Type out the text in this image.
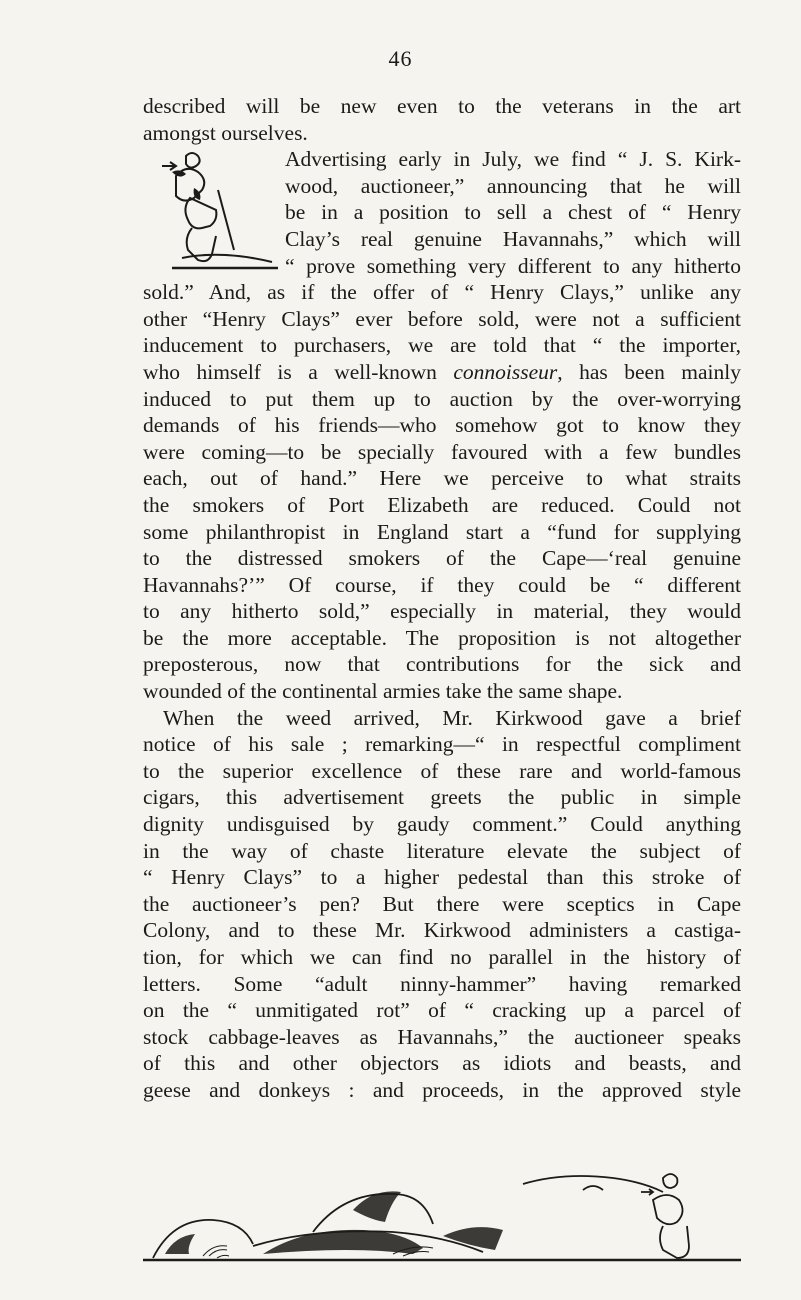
46
described will be new even to the veterans in the art
amongst ourselves.
Advertising early in July, we find “ J. S. Kirk-
wood, auctioneer,” announcing that he will
be in a position to sell a chest of “ Henry
Clay’s real genuine Havannahs,” which will
“ prove something very different to any hitherto
sold.” And, as if the offer of “ Henry Clays,” unlike any
other “Henry Clays” ever before sold, were not a sufficient
inducement to purchasers, we are told that “ the importer,
who himself is a well-known connoisseur, has been mainly
induced to put them up to auction by the over-worrying
demands of his friends—who somehow got to know they
were coming—to be specially favoured with a few bundles
each, out of hand.” Here we perceive to what straits
the smokers of Port Elizabeth are reduced. Could not
some philanthropist in England start a “fund for supplying
to the distressed smokers of the Cape—‘real genuine
Havannahs?’” Of course, if they could be “ different
to any hitherto sold,” especially in material, they would
be the more acceptable. The proposition is not altogether
preposterous, now that contributions for the sick and
wounded of the continental armies take the same shape.
When the weed arrived, Mr. Kirkwood gave a brief
notice of his sale ; remarking—“ in respectful compliment
to the superior excellence of these rare and world-famous
cigars, this advertisement greets the public in simple
dignity undisguised by gaudy comment.” Could anything
in the way of chaste literature elevate the subject of
“ Henry Clays” to a higher pedestal than this stroke of
the auctioneer’s pen? But there were sceptics in Cape
Colony, and to these Mr. Kirkwood administers a castiga-
tion, for which we can find no parallel in the history of
letters. Some “adult ninny-hammer” having remarked
on the “ unmitigated rot” of “ cracking up a parcel of
stock cabbage-leaves as Havannahs,” the auctioneer speaks
of this and other objectors as idiots and beasts, and
geese and donkeys : and proceeds, in the approved style
